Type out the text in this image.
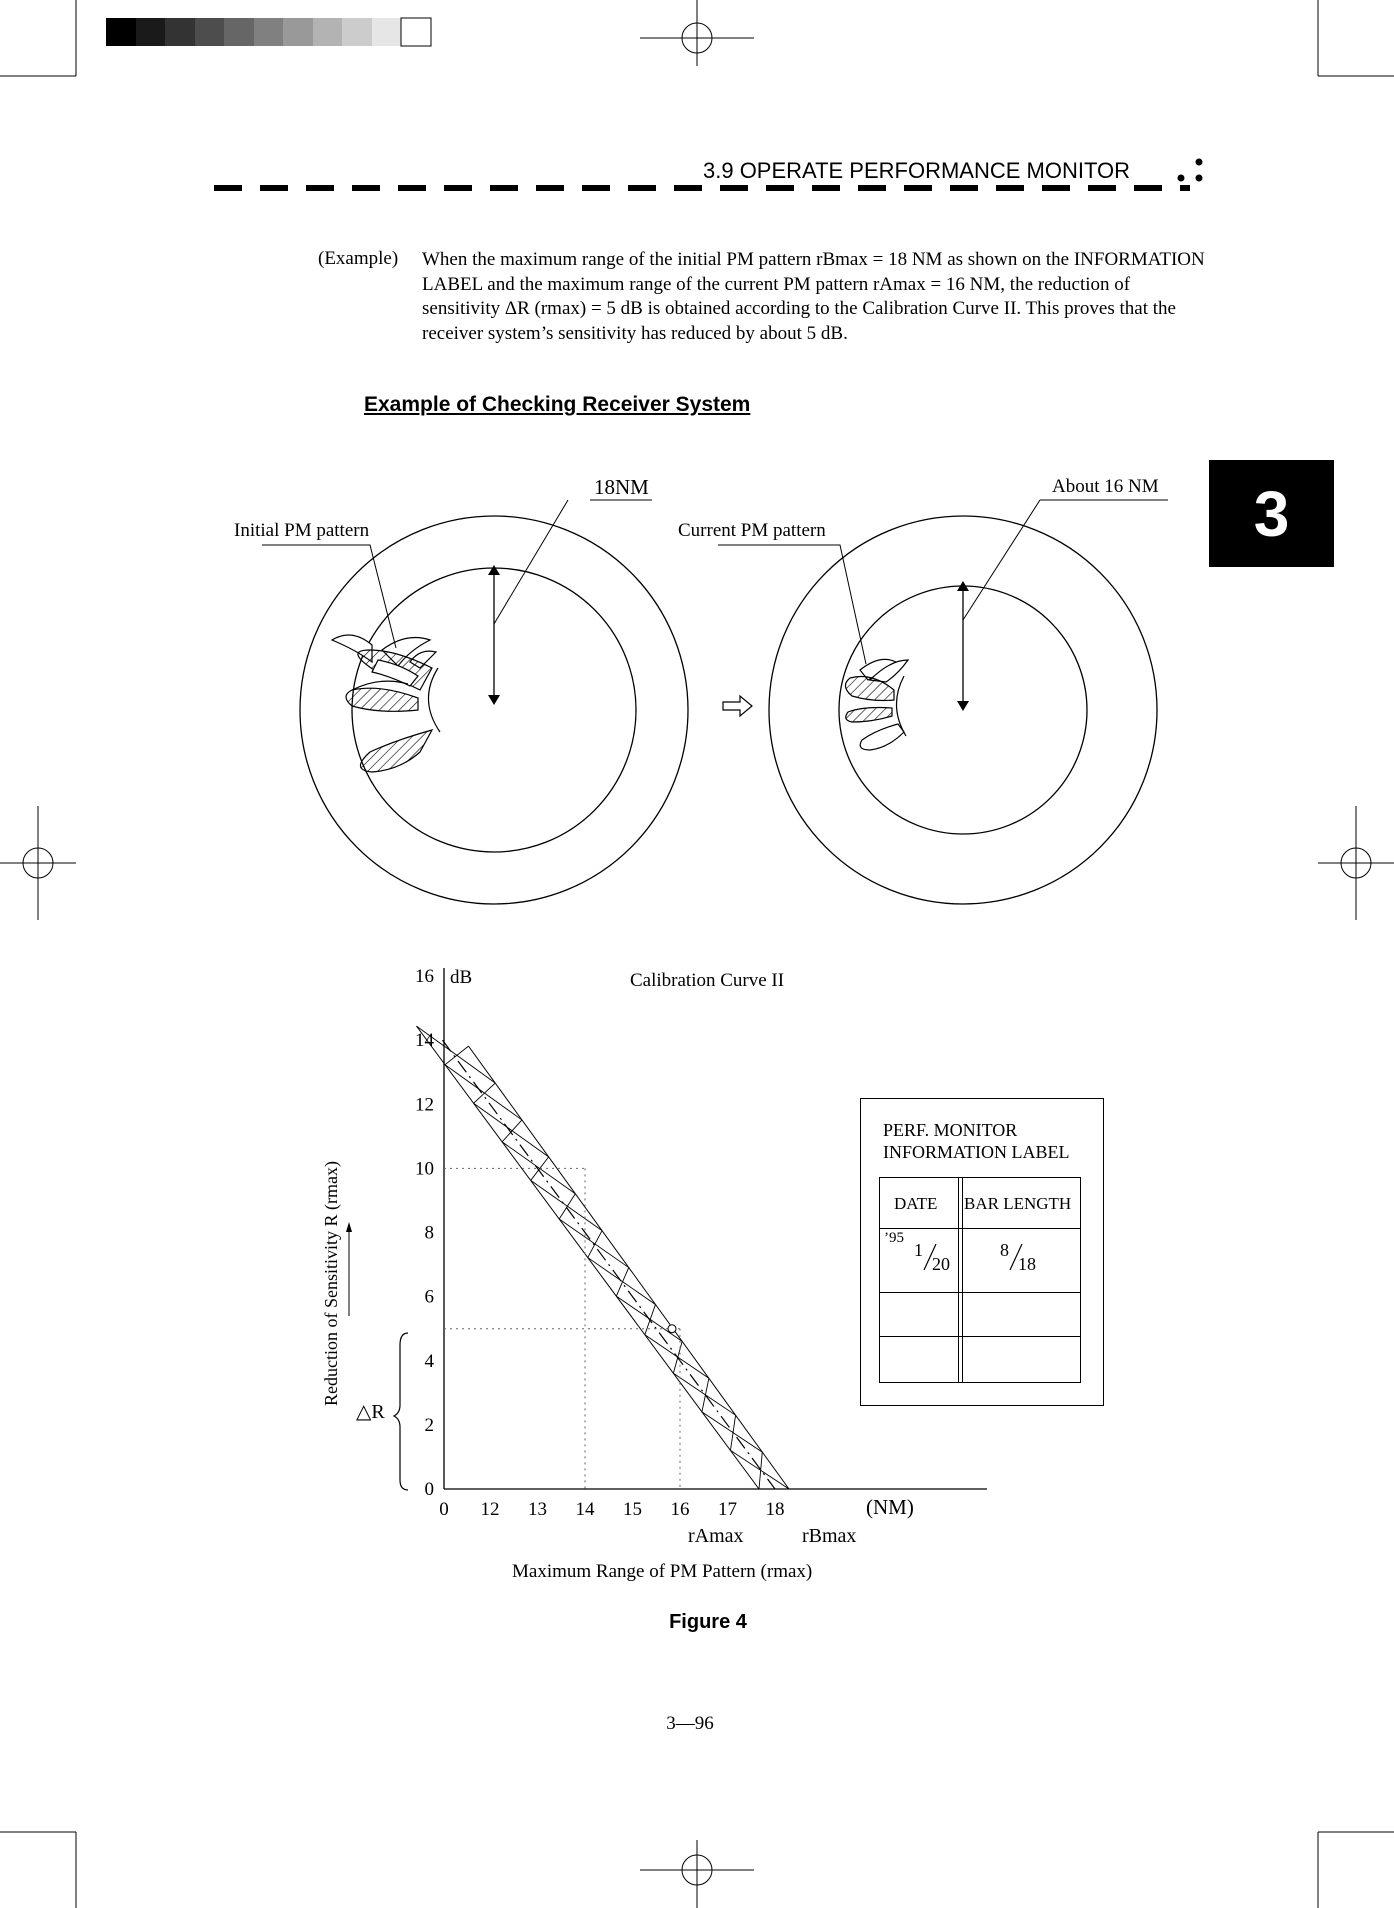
3.9 OPERATE PERFORMANCE MONITOR
3
(Example) When the maximum range of the initial PM pattern rBmax = 18 NM as shown on the INFORMATION LABEL and the maximum range of the current PM pattern rAmax = 16 NM, the reduction of sensitivity ΔR (rmax) = 5 dB is obtained according to the Calibration Curve II. This proves that the receiver system’s sensitivity has reduced by about 5 dB.
Example of Checking Receiver System
Initial PM pattern
18NM
Current PM pattern
About 16 NM
Calibration Curve II
dB
(NM)
Maximum Range of PM Pattern (rmax)
Reduction of Sensitivity R (rmax)
rAmax	rBmax
△R
0
2
4
6
8
10
12
14
16
0 12 13 14 15 16 17 18
PERF. MONITOR
INFORMATION LABEL
DATE BAR LENGTH
’95
1
20
8
18
Figure 4
3—96
